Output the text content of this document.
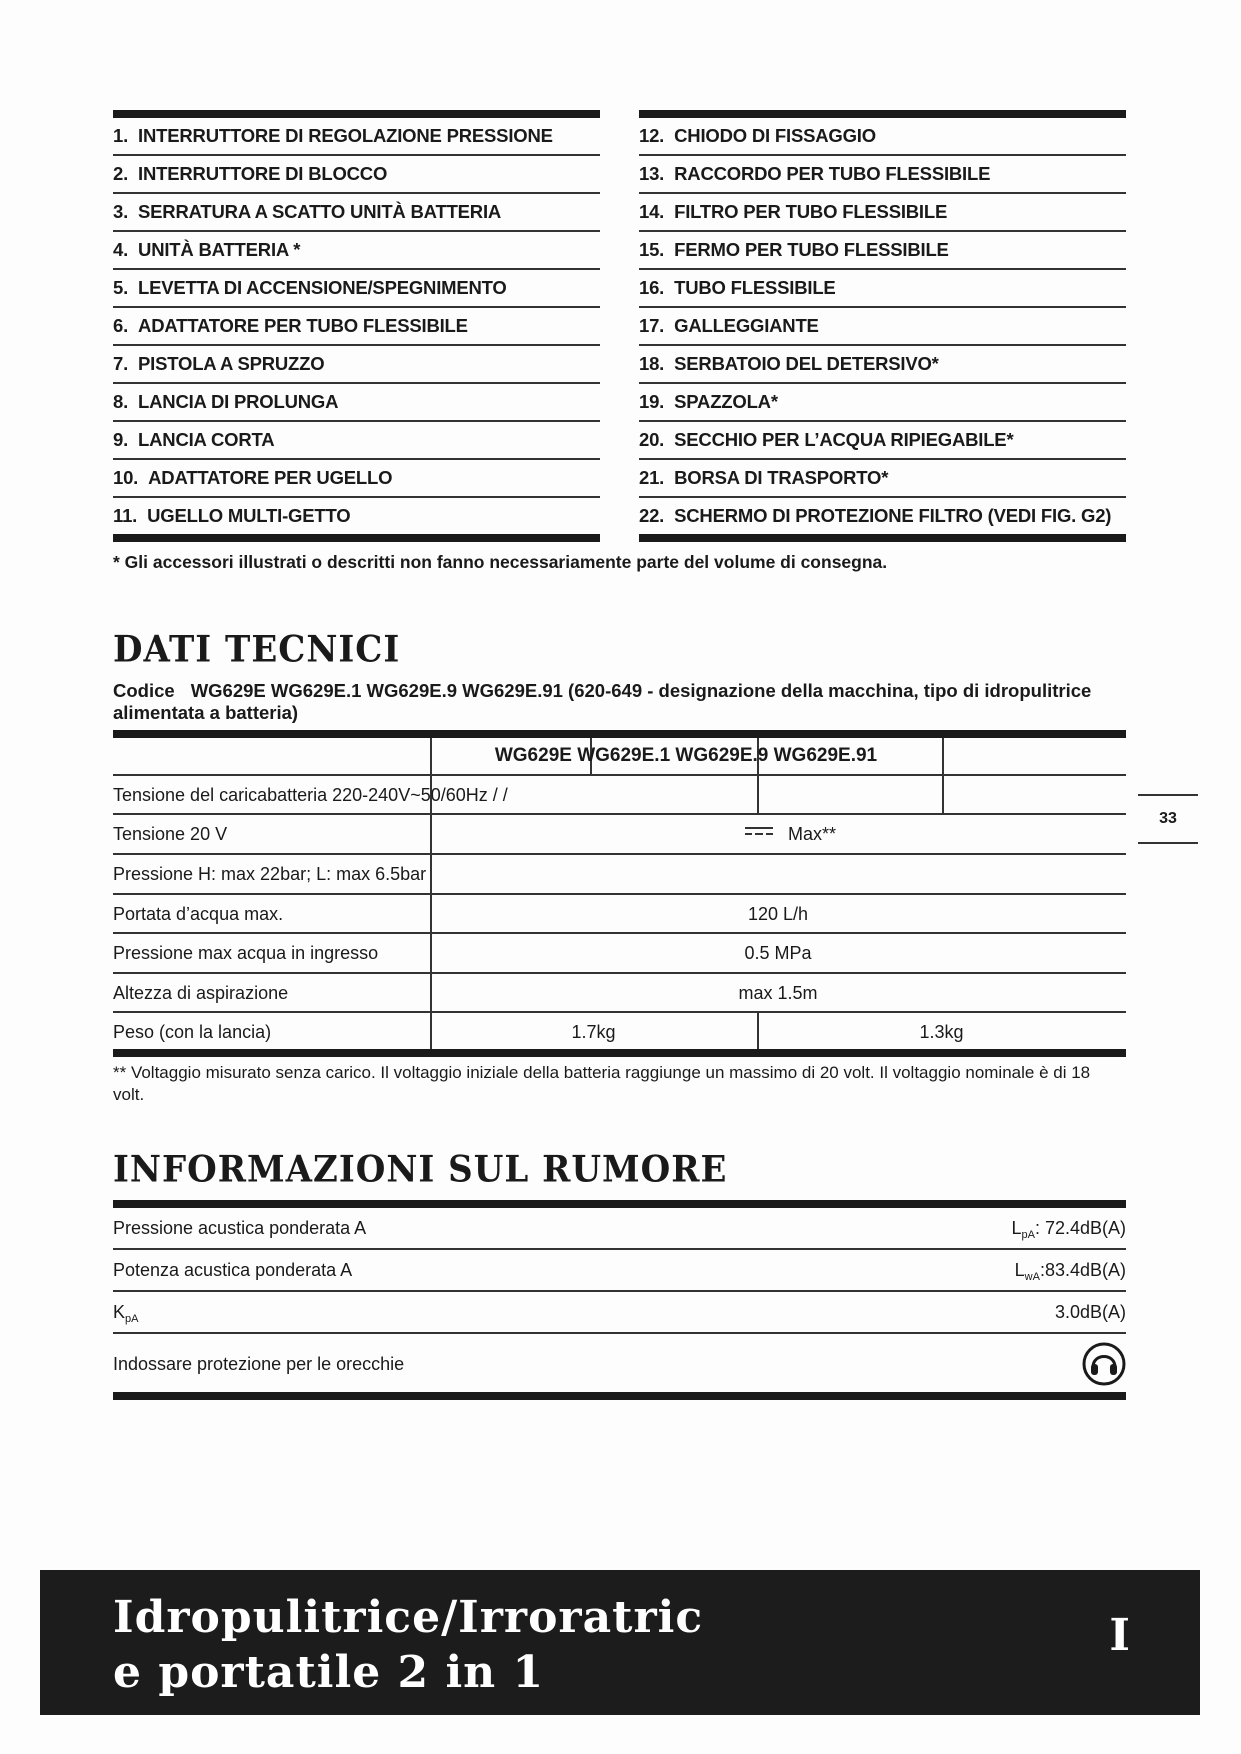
1. INTERRUTTORE DI REGOLAZIONE PRESSIONE
2. INTERRUTTORE DI BLOCCO
3. SERRATURA A SCATTO UNITÀ BATTERIA
4. UNITÀ BATTERIA *
5. LEVETTA DI ACCENSIONE/SPEGNIMENTO
6. ADATTATORE PER TUBO FLESSIBILE
7. PISTOLA A SPRUZZO
8. LANCIA DI PROLUNGA
9. LANCIA CORTA
10. ADATTATORE PER UGELLO
11. UGELLO MULTI-GETTO
12. CHIODO DI FISSAGGIO
13. RACCORDO PER TUBO FLESSIBILE
14. FILTRO PER TUBO FLESSIBILE
15. FERMO PER TUBO FLESSIBILE
16. TUBO FLESSIBILE
17. GALLEGGIANTE
18. SERBATOIO DEL DETERSIVO*
19. SPAZZOLA*
20. SECCHIO PER L’ACQUA RIPIEGABILE*
21. BORSA DI TRASPORTO*
22. SCHERMO DI PROTEZIONE FILTRO (VEDI FIG. G2)
* Gli accessori illustrati o descritti non fanno necessariamente parte del volume di consegna.
DATI TECNICI
Codice WG629E WG629E.1 WG629E.9 WG629E.91 (620-649 - designazione della macchina, tipo di idropulitrice alimentata a batteria)
WG629E WG629E.1 WG629E.9 WG629E.91
Tensione del caricabatteria 220-240V~50/60Hz / /
Tensione 20 V	Max**
Pressione H: max 22bar; L: max 6.5bar
Portata d’acqua max.	120 L/h
Pressione max acqua in ingresso	0.5 MPa
Altezza di aspirazione	max 1.5m
Peso (con la lancia)	1.7kg	1.3kg
33
** Voltaggio misurato senza carico. Il voltaggio iniziale della batteria raggiunge un massimo di 20 volt. Il voltaggio nominale è di 18 volt.
INFORMAZIONI SUL RUMORE
Pressione acustica ponderata A	$L_{pA}$: 72.4dB(A)
Potenza acustica ponderata A	$L_{wA}:83.4dB(A)$
$K_{pA}$	3.0dB(A)
Indossare protezione per le orecchie
Idropulitrice/Irroratric
e portatile 2 in 1
I
